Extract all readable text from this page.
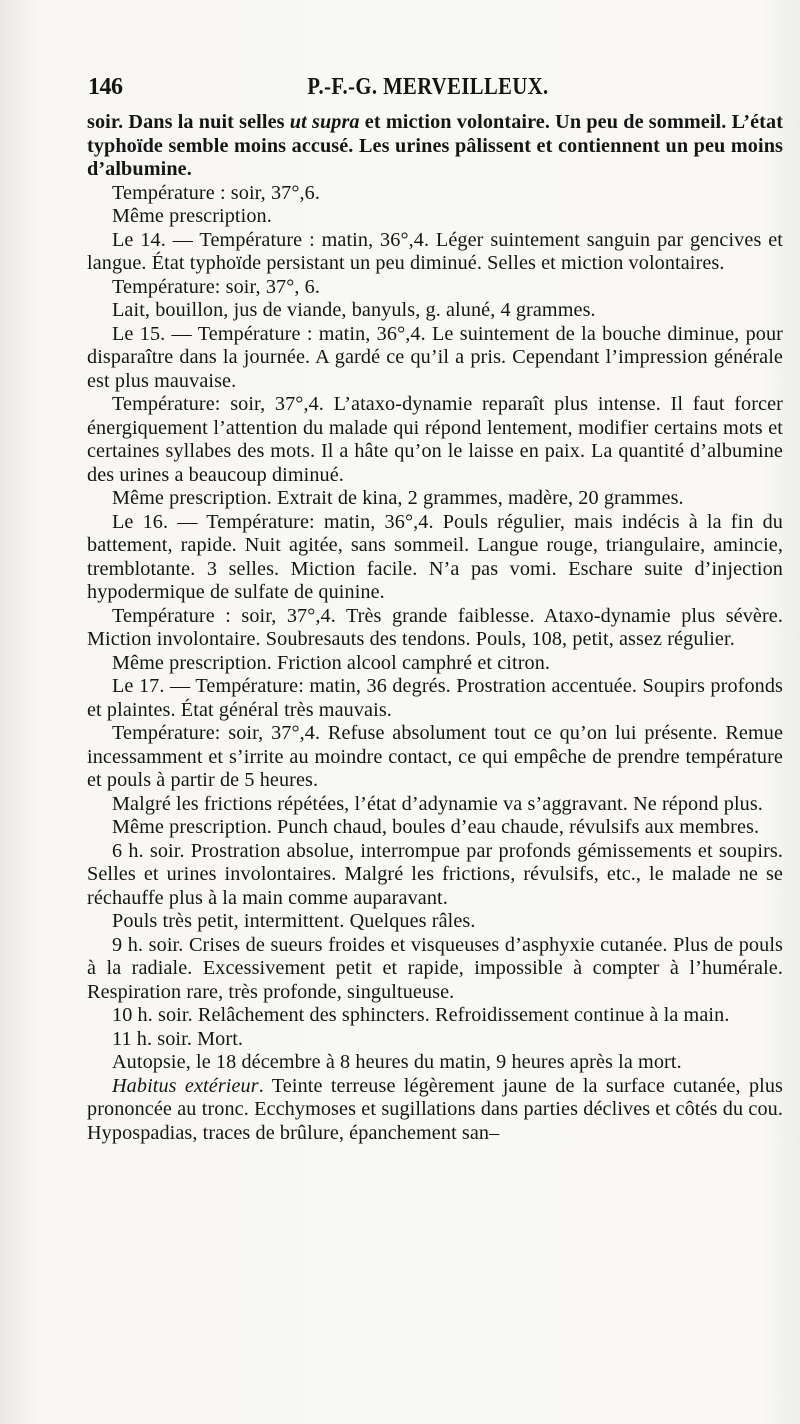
146	P.-F.-G. MERVEILLEUX.

soir. Dans la nuit selles ut supra et miction volontaire. Un peu de sommeil. L’état typhoïde semble moins accusé. Les urines pâlissent et contiennent un peu moins d’albumine.

Température : soir, 37°,6.

Même prescription.

Le 14. — Température : matin, 36°,4. Léger suintement sanguin par gencives et langue. État typhoïde persistant un peu diminué. Selles et miction volontaires.

Température: soir, 37°, 6.

Lait, bouillon, jus de viande, banyuls, g. aluné, 4 grammes.

Le 15. — Température : matin, 36°,4. Le suintement de la bouche diminue, pour disparaître dans la journée. A gardé ce qu’il a pris. Cependant l’impression générale est plus mauvaise.

Température: soir, 37°,4. L’ataxo-dynamie reparaît plus intense. Il faut forcer énergiquement l’attention du malade qui répond lentement, modifier certains mots et certaines syllabes des mots. Il a hâte qu’on le laisse en paix. La quantité d’albumine des urines a beaucoup diminué.

Même prescription. Extrait de kina, 2 grammes, madère, 20 grammes.

Le 16. — Température: matin, 36°,4. Pouls régulier, mais indécis à la fin du battement, rapide. Nuit agitée, sans sommeil. Langue rouge, triangulaire, amincie, tremblotante. 3 selles. Miction facile. N’a pas vomi. Eschare suite d’injection hypodermique de sulfate de quinine.

Température : soir, 37°,4. Très grande faiblesse. Ataxo-dynamie plus sévère. Miction involontaire. Soubresauts des tendons. Pouls, 108, petit, assez régulier.

Même prescription. Friction alcool camphré et citron.

Le 17. — Température: matin, 36 degrés. Prostration accentuée. Soupirs profonds et plaintes. État général très mauvais.

Température: soir, 37°,4. Refuse absolument tout ce qu’on lui présente. Remue incessamment et s’irrite au moindre contact, ce qui empêche de prendre température et pouls à partir de 5 heures.

Malgré les frictions répétées, l’état d’adynamie va s’aggravant. Ne répond plus.

Même prescription. Punch chaud, boules d’eau chaude, révulsifs aux membres.

6 h. soir. Prostration absolue, interrompue par profonds gémissements et soupirs. Selles et urines involontaires. Malgré les frictions, révulsifs, etc., le malade ne se réchauffe plus à la main comme auparavant.

Pouls très petit, intermittent. Quelques râles.

9 h. soir. Crises de sueurs froides et visqueuses d’asphyxie cutanée. Plus de pouls à la radiale. Excessivement petit et rapide, impossible à compter à l’humérale. Respiration rare, très profonde, singultueuse.

10 h. soir. Relâchement des sphincters. Refroidissement continue à la main.

11 h. soir. Mort.

Autopsie, le 18 décembre à 8 heures du matin, 9 heures après la mort.

Habitus extérieur. Teinte terreuse légèrement jaune de la surface cutanée, plus prononcée au tronc. Ecchymoses et sugillations dans parties déclives et côtés du cou. Hypospadias, traces de brûlure, épanchement san–
